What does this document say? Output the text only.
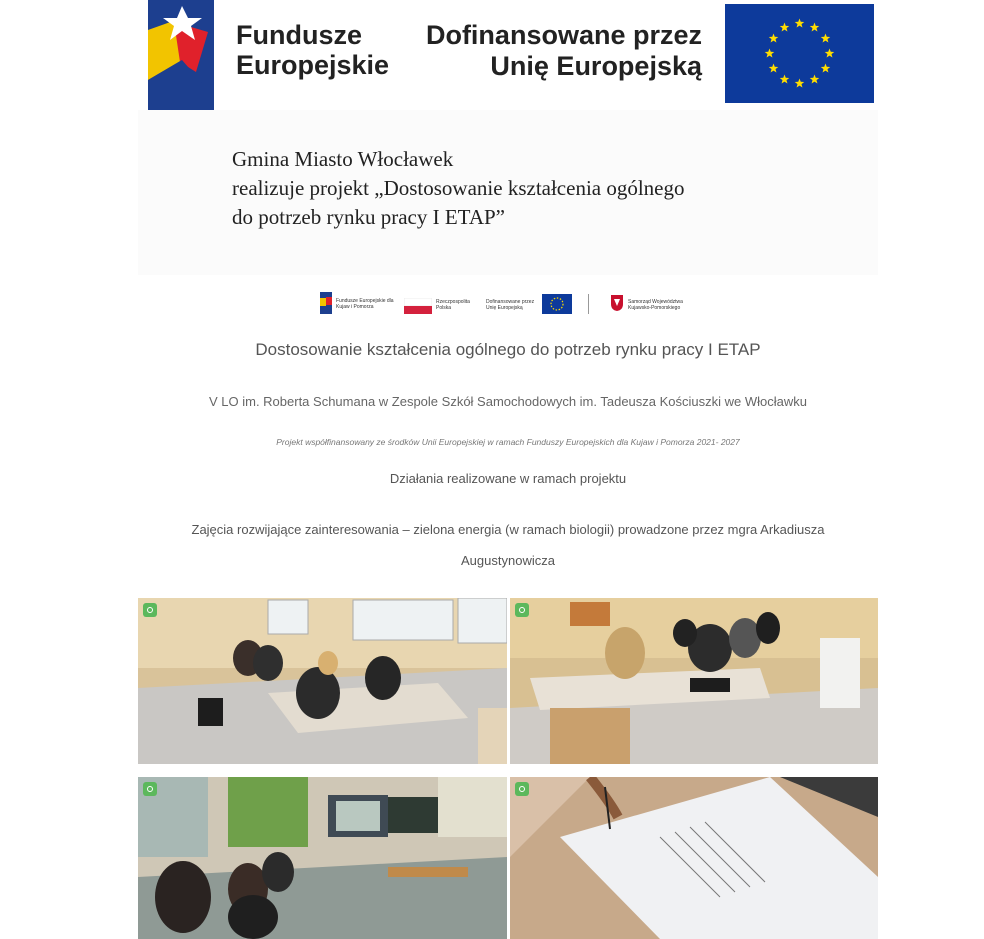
Fundusze
Europejskie
Dofinansowane przez
Unię Europejską
Gmina Miasto Włocławek
realizuje projekt „Dostosowanie kształcenia ogólnego
do potrzeb rynku pracy I ETAP”
Fundusze Europejskie dla Kujaw i Pomorza
Rzeczpospolita Polska
Dofinansowane przez Unię Europejską
Samorząd Województwa Kujawsko-Pomorskiego
Dostosowanie kształcenia ogólnego do potrzeb rynku pracy I ETAP
V LO im. Roberta Schumana w Zespole Szkół Samochodowych im. Tadeusza Kościuszki we Włocławku
Projekt współfinansowany ze środków Unii Europejskiej w ramach Funduszy Europejskich dla Kujaw i Pomorza 2021- 2027
Działania realizowane w ramach projektu
Zajęcia rozwijające zainteresowania – zielona energia (w ramach biologii) prowadzone przez mgra Arkadiusza Augustynowicza
